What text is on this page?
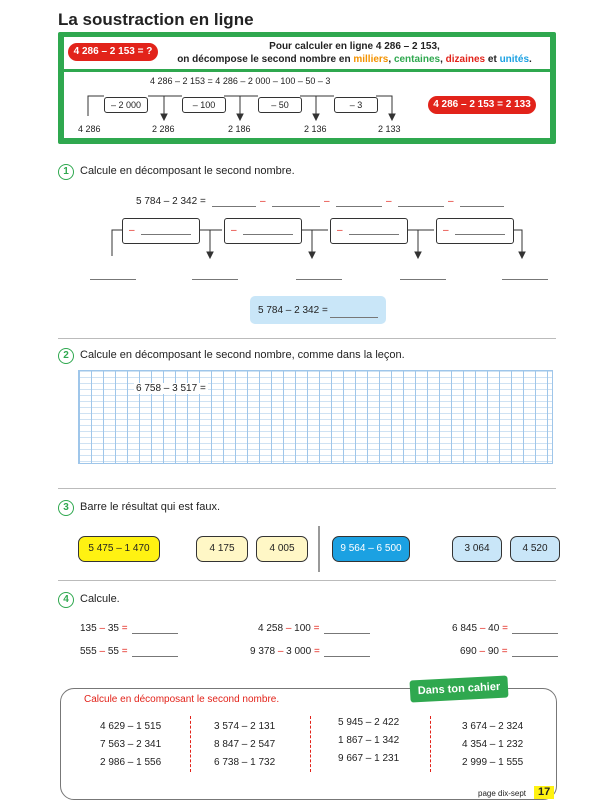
La soustraction en ligne
4 286 – 2 153 = ?	Pour calculer en ligne 4 286 – 2 153,
on décompose le second nombre en milliers, centaines, dizaines et unités.
4 286 – 2 153 = 4 286 – 2 000 – 100 – 50 – 3
– 2 000	– 100	– 50	– 3
4 286	2 286	2 186	2 136	2 133
4 286 – 2 153 = 2 133
1	Calcule en décomposant le second nombre.
5 784 – 2 342 =	–	–	–	–
–	–	–	–
5 784 – 2 342 =
2	Calcule en décomposant le second nombre, comme dans la leçon.
6 758 – 3 517 =
3	Barre le résultat qui est faux.
5 475 – 1 470	4 175	4 005	9 564 – 6 500	3 064	4 520
4	Calcule.
135 – 35 =	4 258 – 100 =	6 845 – 40 =
555 – 55 =	9 378 – 3 000 =	690 – 90 =
Dans ton cahier
Calcule en décomposant le second nombre.
4 629 – 1 515
7 563 – 2 341
2 986 – 1 556
3 574 – 2 131
8 847 – 2 547
6 738 – 1 732
5 945 – 2 422
1 867 – 1 342
9 667 – 1 231
3 674 – 2 324
4 354 – 1 232
2 999 – 1 555
page dix-sept	17
